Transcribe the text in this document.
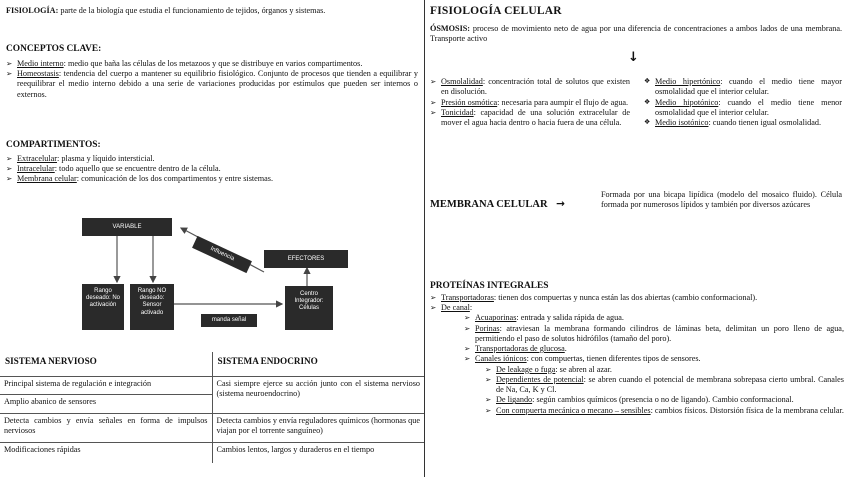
FISIOLOGÍA: parte de la biología que estudia el funcionamiento de tejidos, órganos y sistemas.
CONCEPTOS CLAVE:
➢ Medio interno: medio que baña las células de los metazoos y que se distribuye en varios compartimentos.
➢ Homeostasis: tendencia del cuerpo a mantener su equilibrio fisiológico. Conjunto de procesos que tienden a equilibrar y reequilibrar el medio interno debido a una serie de variaciones producidas por estímulos que pueden ser internos o externos.
COMPARTIMENTOS:
➢ Extracelular: plasma y líquido intersticial.
➢ Intracelular: todo aquello que se encuentre dentro de la célula.
➢ Membrana celular: comunicación de los dos compartimentos y entre sistemas.
VARIABLE
Influencia	EFECTORES
Rango deseado: No activación
Rango NO deseado: Sensor activado
Centro Integrador: Células
manda señal
SISTEMA NERVIOSO	SISTEMA ENDOCRINO
Principal sistema de regulación e integración	Casi siempre ejerce su acción junto con el sistema nervioso (sistema neuroendocrino)
Amplio abanico de sensores	
Detecta cambios y envía señales en forma de impulsos nerviosos	Detecta cambios y envía reguladores químicos (hormonas que viajan por el torrente sanguíneo)
Modificaciones rápidas	Cambios lentos, largos y duraderos en el tiempo
FISIOLOGÍA CELULAR
ÓSMOSIS: proceso de movimiento neto de agua por una diferencia de concentraciones a ambos lados de una membrana. Transporte activo
↓
➢ Osmolalidad: concentración total de solutos que existen en disolución.
➢ Presión osmótica: necesaria para aumpir el flujo de agua.
➢ Tonicidad: capacidad de una solución extracelular de mover el agua hacia dentro o hacia fuera de una célula.
❖ Medio hipertónico: cuando el medio tiene mayor osmolalidad que el interior celular.
❖ Medio hipotónico: cuando el medio tiene menor osmolalidad que el interior celular.
❖ Medio isotónico: cuando tienen igual osmolalidad.
MEMBRANA CELULAR →
Formada por una bicapa lipídica (modelo del mosaico fluido). Célula formada por numerosos lípidos y también por diversos azúcares
PROTEÍNAS INTEGRALES
➢ Transportadoras: tienen dos compuertas y nunca están las dos abiertas (cambio conformacional).
➢ De canal:
➢ Acuaporinas: entrada y salida rápida de agua.
➢ Porinas: atraviesan la membrana formando cilindros de láminas beta, delimitan un poro lleno de agua, permitiendo el paso de solutos hidrófilos (tamaño del poro).
➢ Transportadoras de glucosa.
➢ Canales iónicos: con compuertas, tienen diferentes tipos de sensores.
➢ De leakage o fuga: se abren al azar.
➢ Dependientes de potencial: se abren cuando el potencial de membrana sobrepasa cierto umbral. Canales de Na, Ca, K y Cl.
➢ De ligando: según cambios químicos (presencia o no de ligando). Cambio conformacional.
➢ Con compuerta mecánica o mecano – sensibles: cambios físicos. Distorsión física de la membrana celular.
